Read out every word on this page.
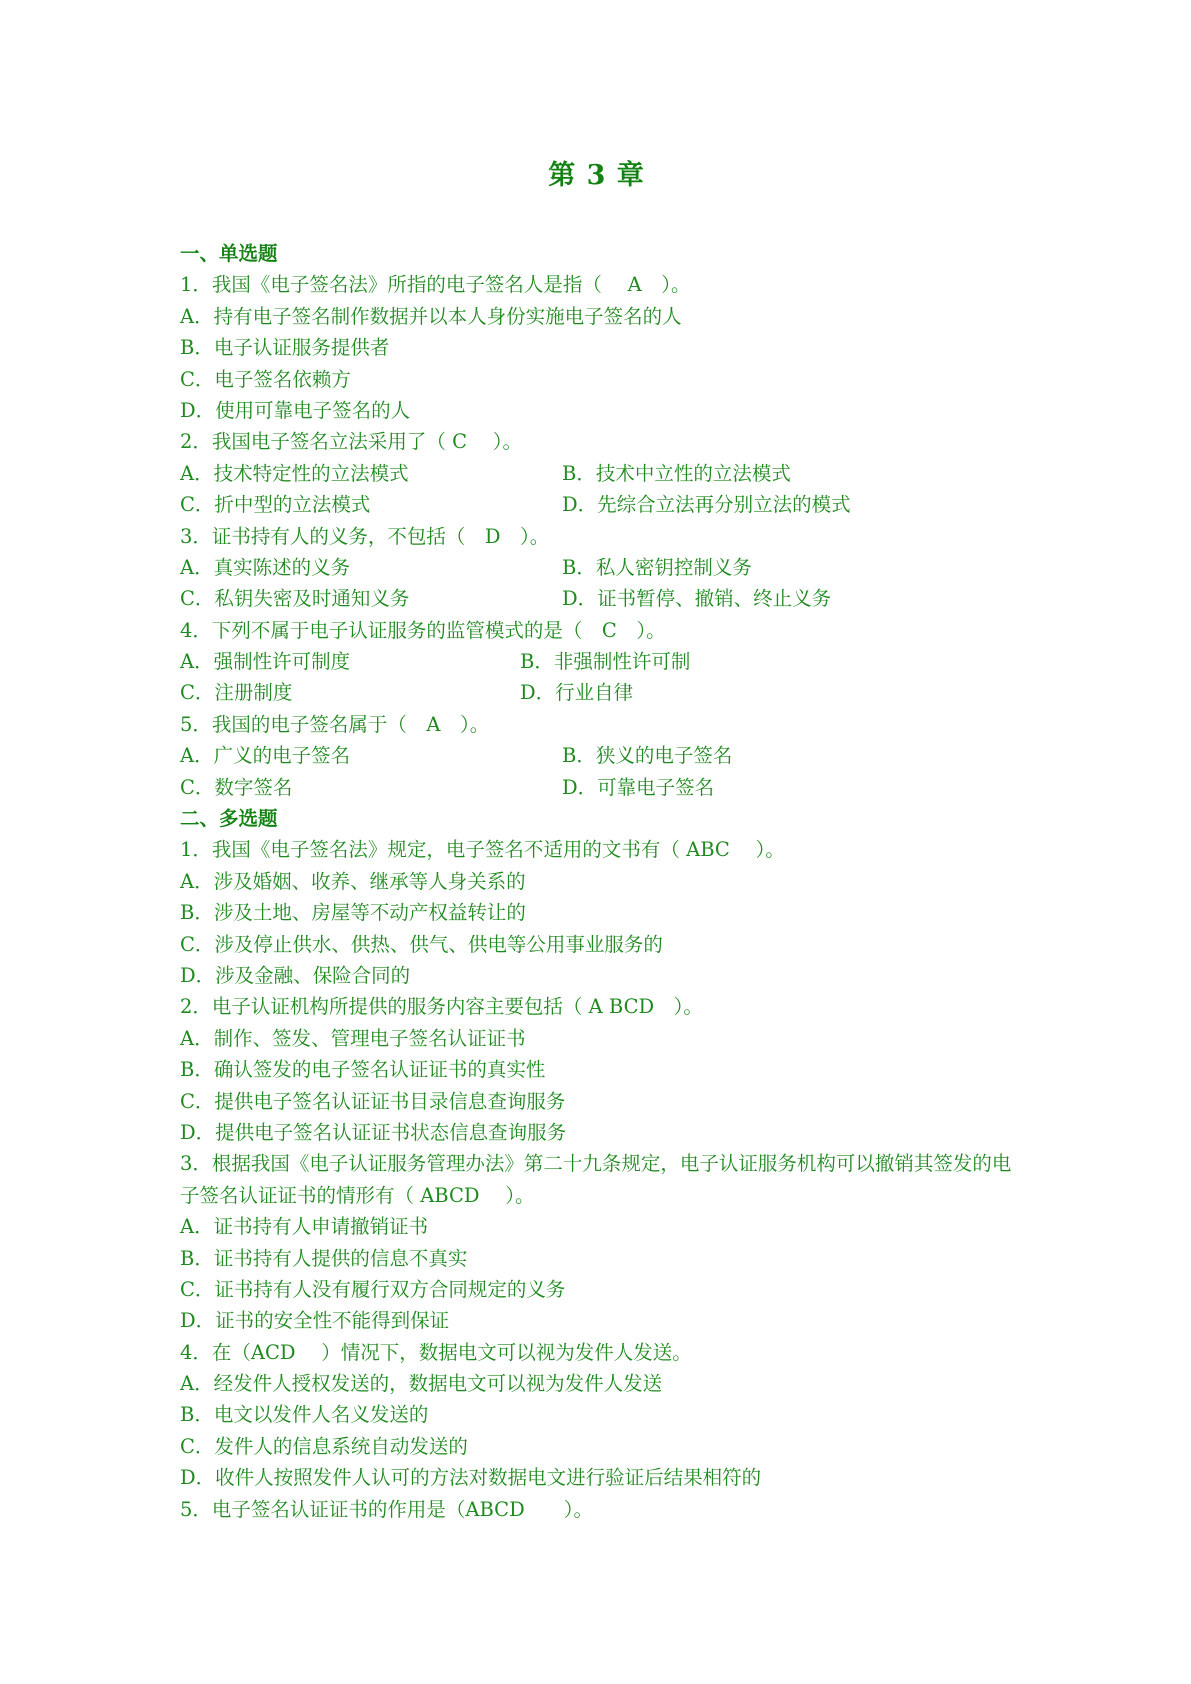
第 3 章
一、单选题
1．我国《电子签名法》所指的电子签名人是指（　 A　）。
A．持有电子签名制作数据并以本人身份实施电子签名的人
B．电子认证服务提供者
C．电子签名依赖方
D．使用可靠电子签名的人
2．我国电子签名立法采用了（ C　 ）。
A．技术特定性的立法模式	B．技术中立性的立法模式
C．折中型的立法模式	D．先综合立法再分别立法的模式
3．证书持有人的义务，不包括（　D　）。
A．真实陈述的义务	B．私人密钥控制义务
C．私钥失密及时通知义务	D．证书暂停、撤销、终止义务
4．下列不属于电子认证服务的监管模式的是（　C　）。
A．强制性许可制度	B．非强制性许可制
C．注册制度	D．行业自律
5．我国的电子签名属于（　A　）。
A．广义的电子签名	B．狭义的电子签名
C．数字签名	D．可靠电子签名
二、多选题
1．我国《电子签名法》规定，电子签名不适用的文书有（ ABC　 ）。
A．涉及婚姻、收养、继承等人身关系的
B．涉及土地、房屋等不动产权益转让的
C．涉及停止供水、供热、供气、供电等公用事业服务的
D．涉及金融、保险合同的
2．电子认证机构所提供的服务内容主要包括（ A BCD　）。
A．制作、签发、管理电子签名认证证书
B．确认签发的电子签名认证证书的真实性
C．提供电子签名认证证书目录信息查询服务
D．提供电子签名认证证书状态信息查询服务
3．根据我国《电子认证服务管理办法》第二十九条规定，电子认证服务机构可以撤销其签发的电子签名认证证书的情形有（ ABCD　 ）。
A．证书持有人申请撤销证书
B．证书持有人提供的信息不真实
C．证书持有人没有履行双方合同规定的义务
D．证书的安全性不能得到保证
4．在（ACD　 ）情况下，数据电文可以视为发件人发送。
A．经发件人授权发送的，数据电文可以视为发件人发送
B．电文以发件人名义发送的
C．发件人的信息系统自动发送的
D．收件人按照发件人认可的方法对数据电文进行验证后结果相符的
5．电子签名认证证书的作用是（ABCD　　）。
